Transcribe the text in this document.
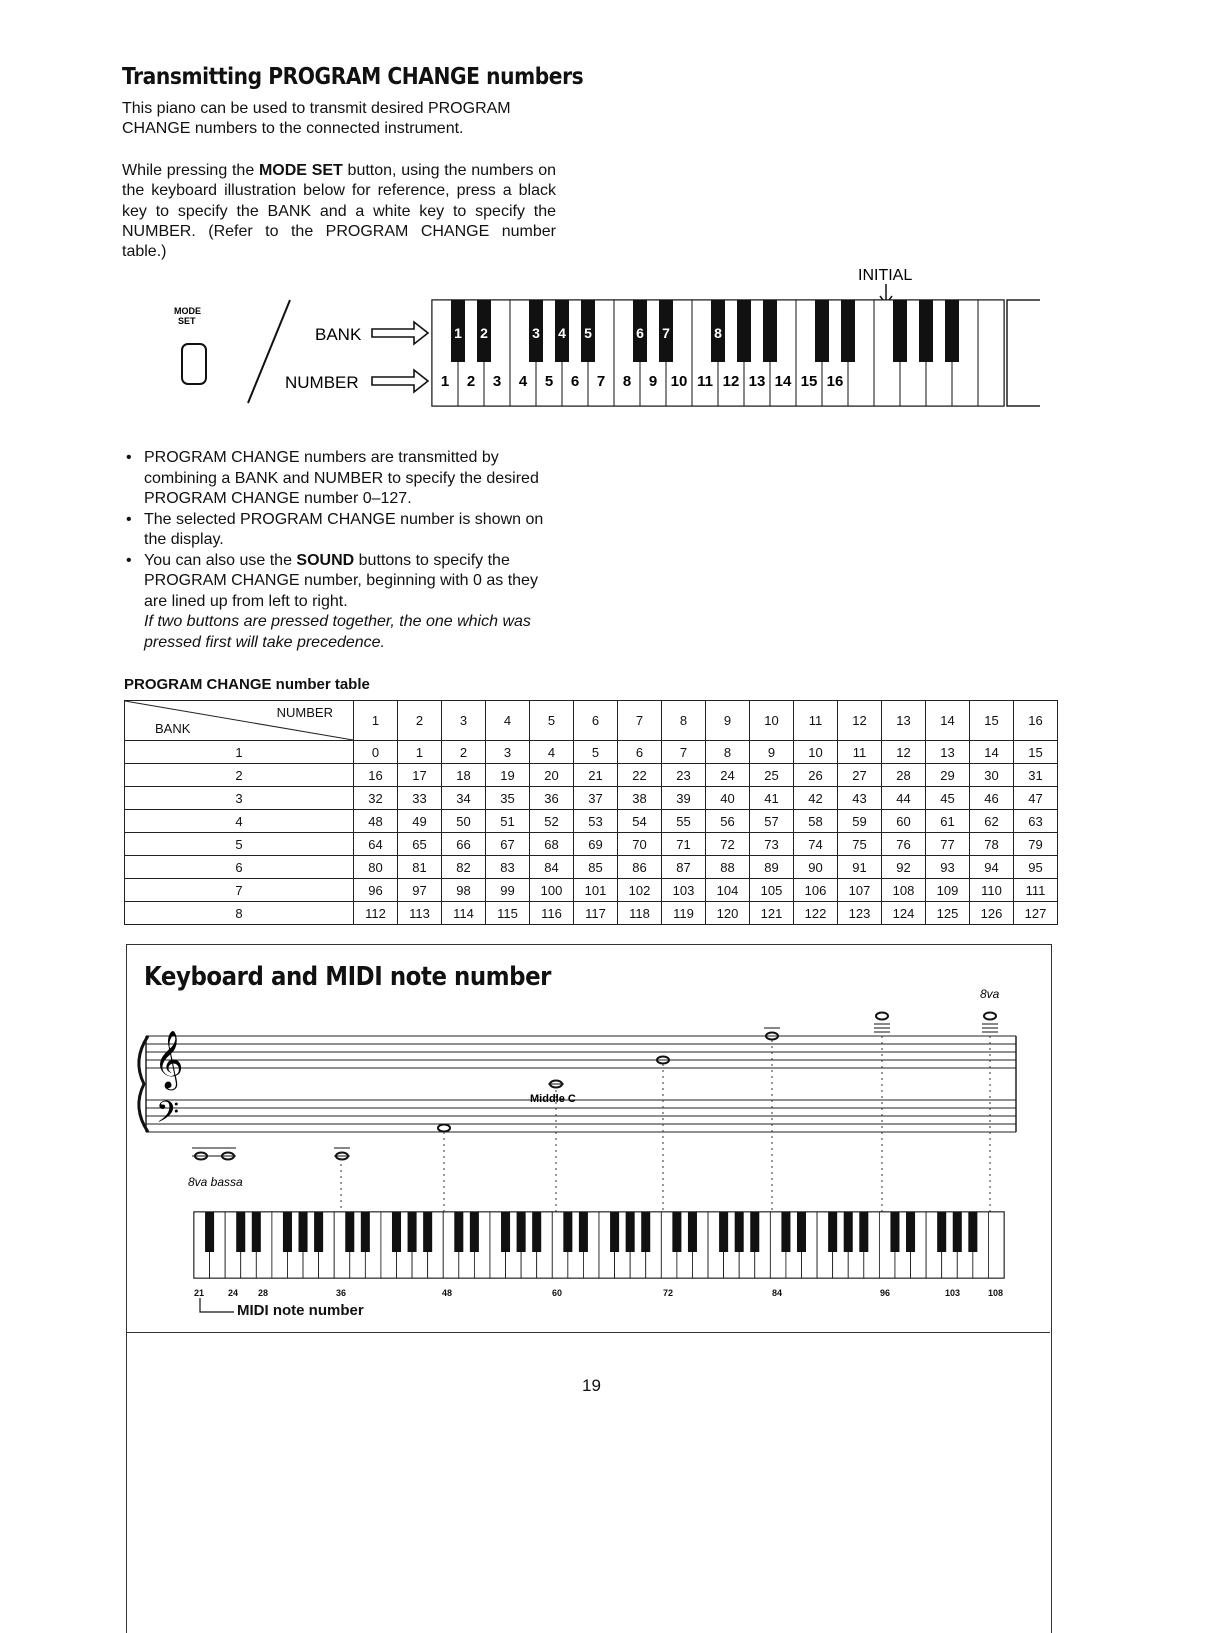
Transmitting PROGRAM CHANGE numbers
This piano can be used to transmit desired PROGRAM
CHANGE numbers to the connected instrument.
While pressing the MODE SET button, using the numbers on the keyboard illustration below for reference, press a black key to specify the BANK and a white key to specify the NUMBER. (Refer to the PROGRAM CHANGE number table.)
MODE
SET
BANK
NUMBER
INITIAL
1 2 3 4 5 6 7 8 9 10 11 12 13 14 15 16
1 2	3 4 5	6 7	8
• PROGRAM CHANGE numbers are transmitted by combining a BANK and NUMBER to specify the desired PROGRAM CHANGE number 0–127.
• The selected PROGRAM CHANGE number is shown on the display.
• You can also use the SOUND buttons to specify the PROGRAM CHANGE number, beginning with 0 as they are lined up from left to right.
If two buttons are pressed together, the one which was pressed first will take precedence.
PROGRAM CHANGE number table
NUMBER
BANK	1	2	3	4	5	6	7	8	9	10	11	12	13	14	15	16
1	0	1	2	3	4	5	6	7	8	9	10	11	12	13	14	15
2	16	17	18	19	20	21	22	23	24	25	26	27	28	29	30	31
3	32	33	34	35	36	37	38	39	40	41	42	43	44	45	46	47
4	48	49	50	51	52	53	54	55	56	57	58	59	60	61	62	63
5	64	65	66	67	68	69	70	71	72	73	74	75	76	77	78	79
6	80	81	82	83	84	85	86	87	88	89	90	91	92	93	94	95
7	96	97	98	99	100	101	102	103	104	105	106	107	108	109	110	111
8	112	113	114	115	116	117	118	119	120	121	122	123	124	125	126	127
Keyboard and MIDI note number
𝄞
𝄢	Middle C
8va bassa
8va
21	24 28	36	48	60	72	84	96	103	108
MIDI note number
19
